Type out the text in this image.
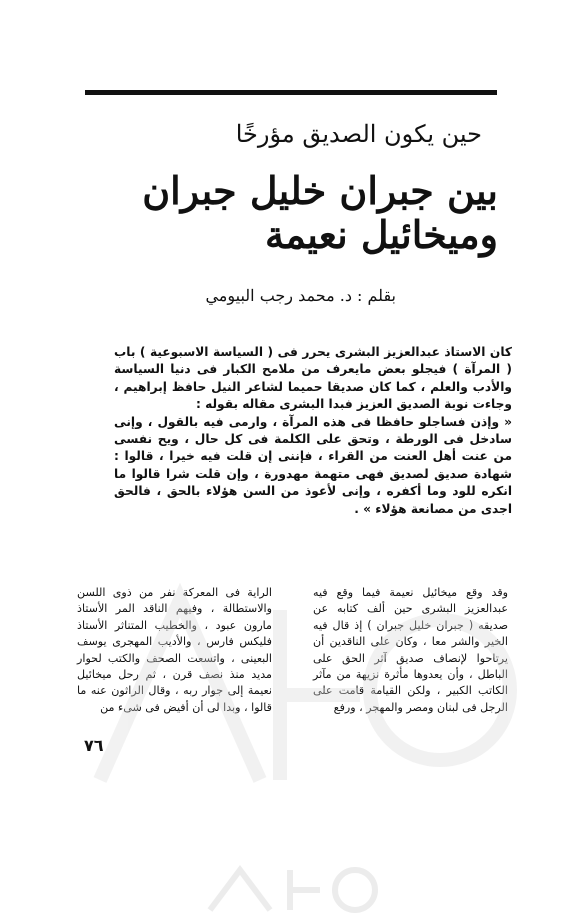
حين يكون الصديق مؤرخًا
بين جبران خليل جبران
وميخائيل نعيمة
بقلم : د. محمد رجب البيومي

كان الاستاذ عبدالعزيز البشرى يحرر فى ( السياسة الاسبوعية ) باب ( المرآة ) فيجلو بعض مايعرف من ملامح الكبار فى دنيا السياسة والأدب والعلم ، كما كان صديقا حميما لشاعر النيل حافظ إبراهيم ، وجاءت نوبة الصديق العزيز فبدا البشرى مقاله بقوله :

« وإذن فساجلو حافظا فى هذه المرآة ، وارمى فيه بالقول ، وإنى سادخل فى الورطة ، وتحق على الكلمة فى كل حال ، ويح نفسى من عنت أهل العنت من القراء ، فإننى إن قلت فيه خيرا ، قالوا : شهادة صديق لصديق فهى متهمة مهدورة ، وإن قلت شرا قالوا ما انكره للود وما أكفره ، وإنى لأعوذ من السن هؤلاء بالحق ، فالحق اجدى من مصانعة هؤلاء » .

وقد وقع ميخائيل نعيمة فيما وقع فيه عبدالعزيز البشرى حين ألف كتابه عن صديقه ( جبران خليل جبران ) إذ قال فيه الخير والشر معا ، وكان على الناقدين أن يرتاحوا لإنصاف صديق آثر الحق على الباطل ، وأن يعدوها مأثرة نزيهة من مآثر الكاتب الكبير ، ولكن القيامة قامت على الرجل فى لبنان ومصر والمهجر ، ورفع

الراية فى المعركة نفر من ذوى اللسن والاستطالة ، وفيهم الناقد المر الأستاذ مارون عبود ، والخطيب المتناثر الأستاذ فليكس فارس ، والأديب المهجرى يوسف البعينى ، واتسعت الصحف والكتب لحوار مديد منذ نصف قرن ، ثم رحل ميخائيل نعيمة إلى جوار ربه ، وقال الراثون عنه ما قالوا ، وبدا لى أن أفيض فى شىء من

٧٦
